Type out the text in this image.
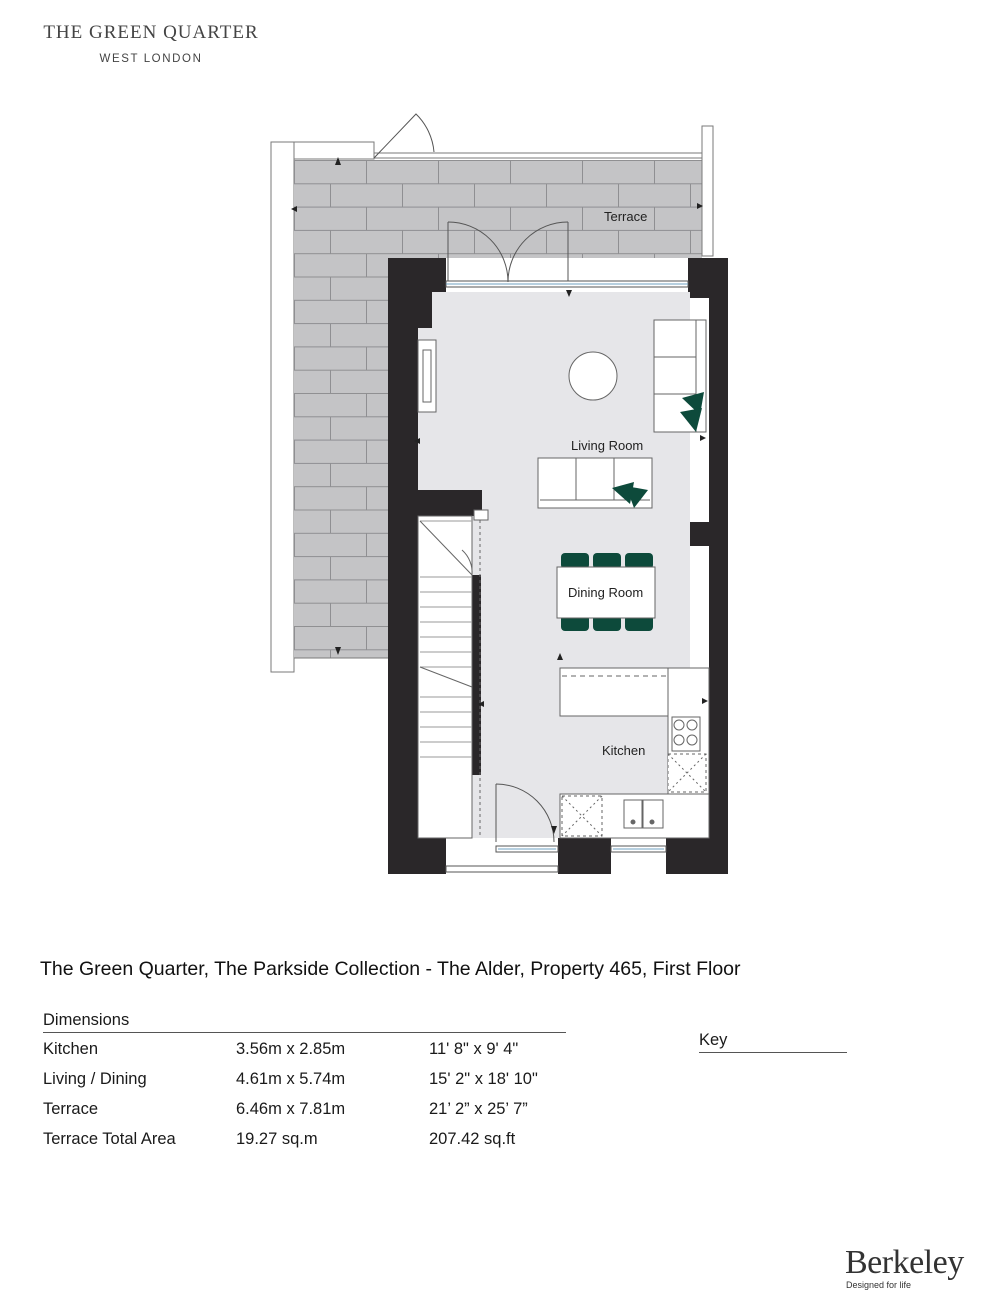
THE GREEN QUARTER
WEST LONDON
Terrace
Living Room
Dining Room
Kitchen
The Green Quarter, The Parkside Collection - The Alder, Property 465, First Floor
Dimensions
Kitchen	3.56m x 2.85m	11' 8" x 9' 4"
Living / Dining	4.61m x 5.74m	15' 2" x 18' 10"
Terrace	6.46m x 7.81m	21’ 2” x 25’ 7”
Terrace Total Area	19.27 sq.m	207.42 sq.ft
Key
Berkeley
Designed for life
